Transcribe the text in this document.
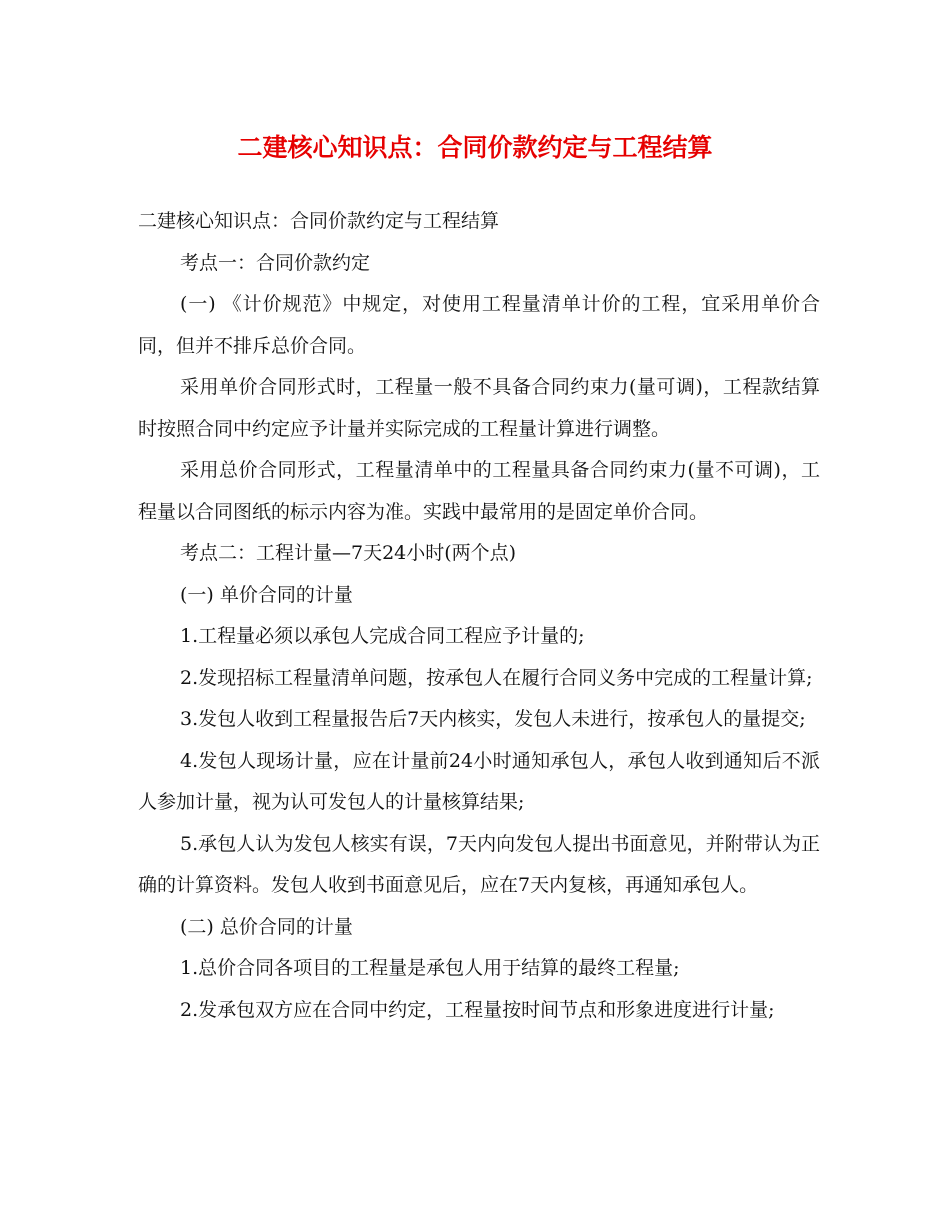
二建核心知识点：合同价款约定与工程结算

二建核心知识点：合同价款约定与工程结算

考点一：合同价款约定

(一) 《计价规范》中规定，对使用工程量清单计价的工程，宜采用单价合同，但并不排斥总价合同。

采用单价合同形式时，工程量一般不具备合同约束力(量可调)，工程款结算时按照合同中约定应予计量并实际完成的工程量计算进行调整。

采用总价合同形式，工程量清单中的工程量具备合同约束力(量不可调)，工程量以合同图纸的标示内容为准。实践中最常用的是固定单价合同。

考点二：工程计量—7天24小时(两个点)

(一) 单价合同的计量

1.工程量必须以承包人完成合同工程应予计量的;

2.发现招标工程量清单问题，按承包人在履行合同义务中完成的工程量计算;

3.发包人收到工程量报告后7天内核实，发包人未进行，按承包人的量提交;

4.发包人现场计量，应在计量前24小时通知承包人，承包人收到通知后不派人参加计量，视为认可发包人的计量核算结果;

5.承包人认为发包人核实有误，7天内向发包人提出书面意见，并附带认为正确的计算资料。发包人收到书面意见后，应在7天内复核，再通知承包人。

(二) 总价合同的计量

1.总价合同各项目的工程量是承包人用于结算的最终工程量;

2.发承包双方应在合同中约定，工程量按时间节点和形象进度进行计量;
